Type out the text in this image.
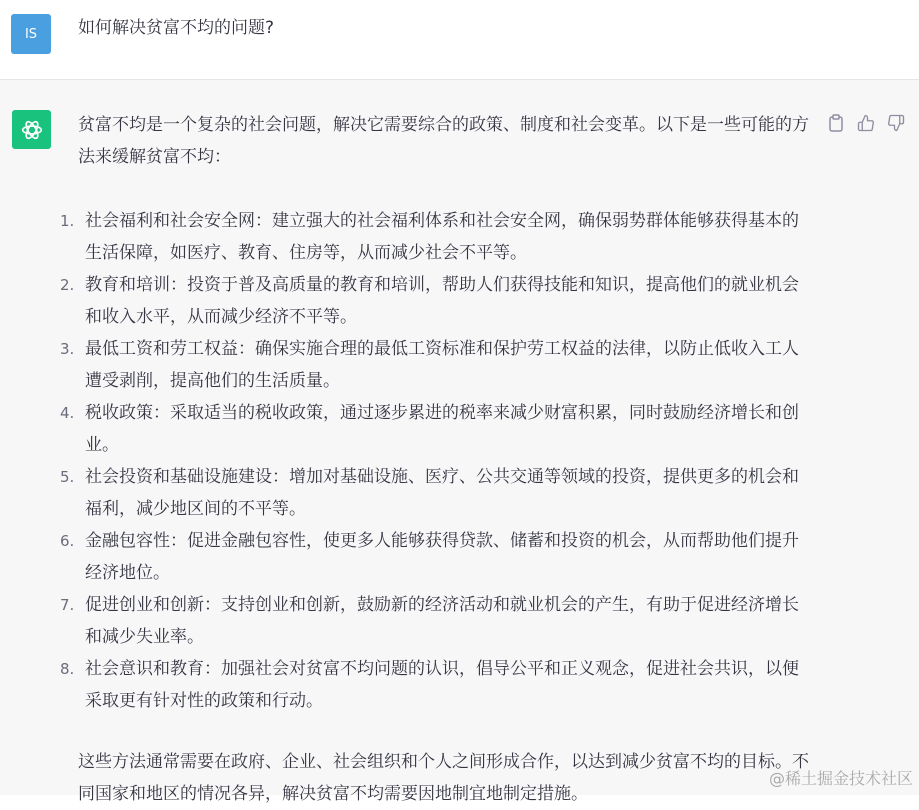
IS	如何解决贫富不均的问题?

贫富不均是一个复杂的社会问题，解决它需要综合的政策、制度和社会变革。以下是一些可能的方法来缓解贫富不均：

1. 社会福利和社会安全网：建立强大的社会福利体系和社会安全网，确保弱势群体能够获得基本的生活保障，如医疗、教育、住房等，从而减少社会不平等。
2. 教育和培训：投资于普及高质量的教育和培训，帮助人们获得技能和知识，提高他们的就业机会和收入水平，从而减少经济不平等。
3. 最低工资和劳工权益：确保实施合理的最低工资标准和保护劳工权益的法律，以防止低收入工人遭受剥削，提高他们的生活质量。
4. 税收政策：采取适当的税收政策，通过逐步累进的税率来减少财富积累，同时鼓励经济增长和创业。
5. 社会投资和基础设施建设：增加对基础设施、医疗、公共交通等领域的投资，提供更多的机会和福利，减少地区间的不平等。
6. 金融包容性：促进金融包容性，使更多人能够获得贷款、储蓄和投资的机会，从而帮助他们提升经济地位。
7. 促进创业和创新：支持创业和创新，鼓励新的经济活动和就业机会的产生，有助于促进经济增长和减少失业率。
8. 社会意识和教育：加强社会对贫富不均问题的认识，倡导公平和正义观念，促进社会共识，以便采取更有针对性的政策和行动。

这些方法通常需要在政府、企业、社会组织和个人之间形成合作，以达到减少贫富不均的目标。不同国家和地区的情况各异，解决贫富不均需要因地制宜地制定措施。

@稀土掘金技术社区
